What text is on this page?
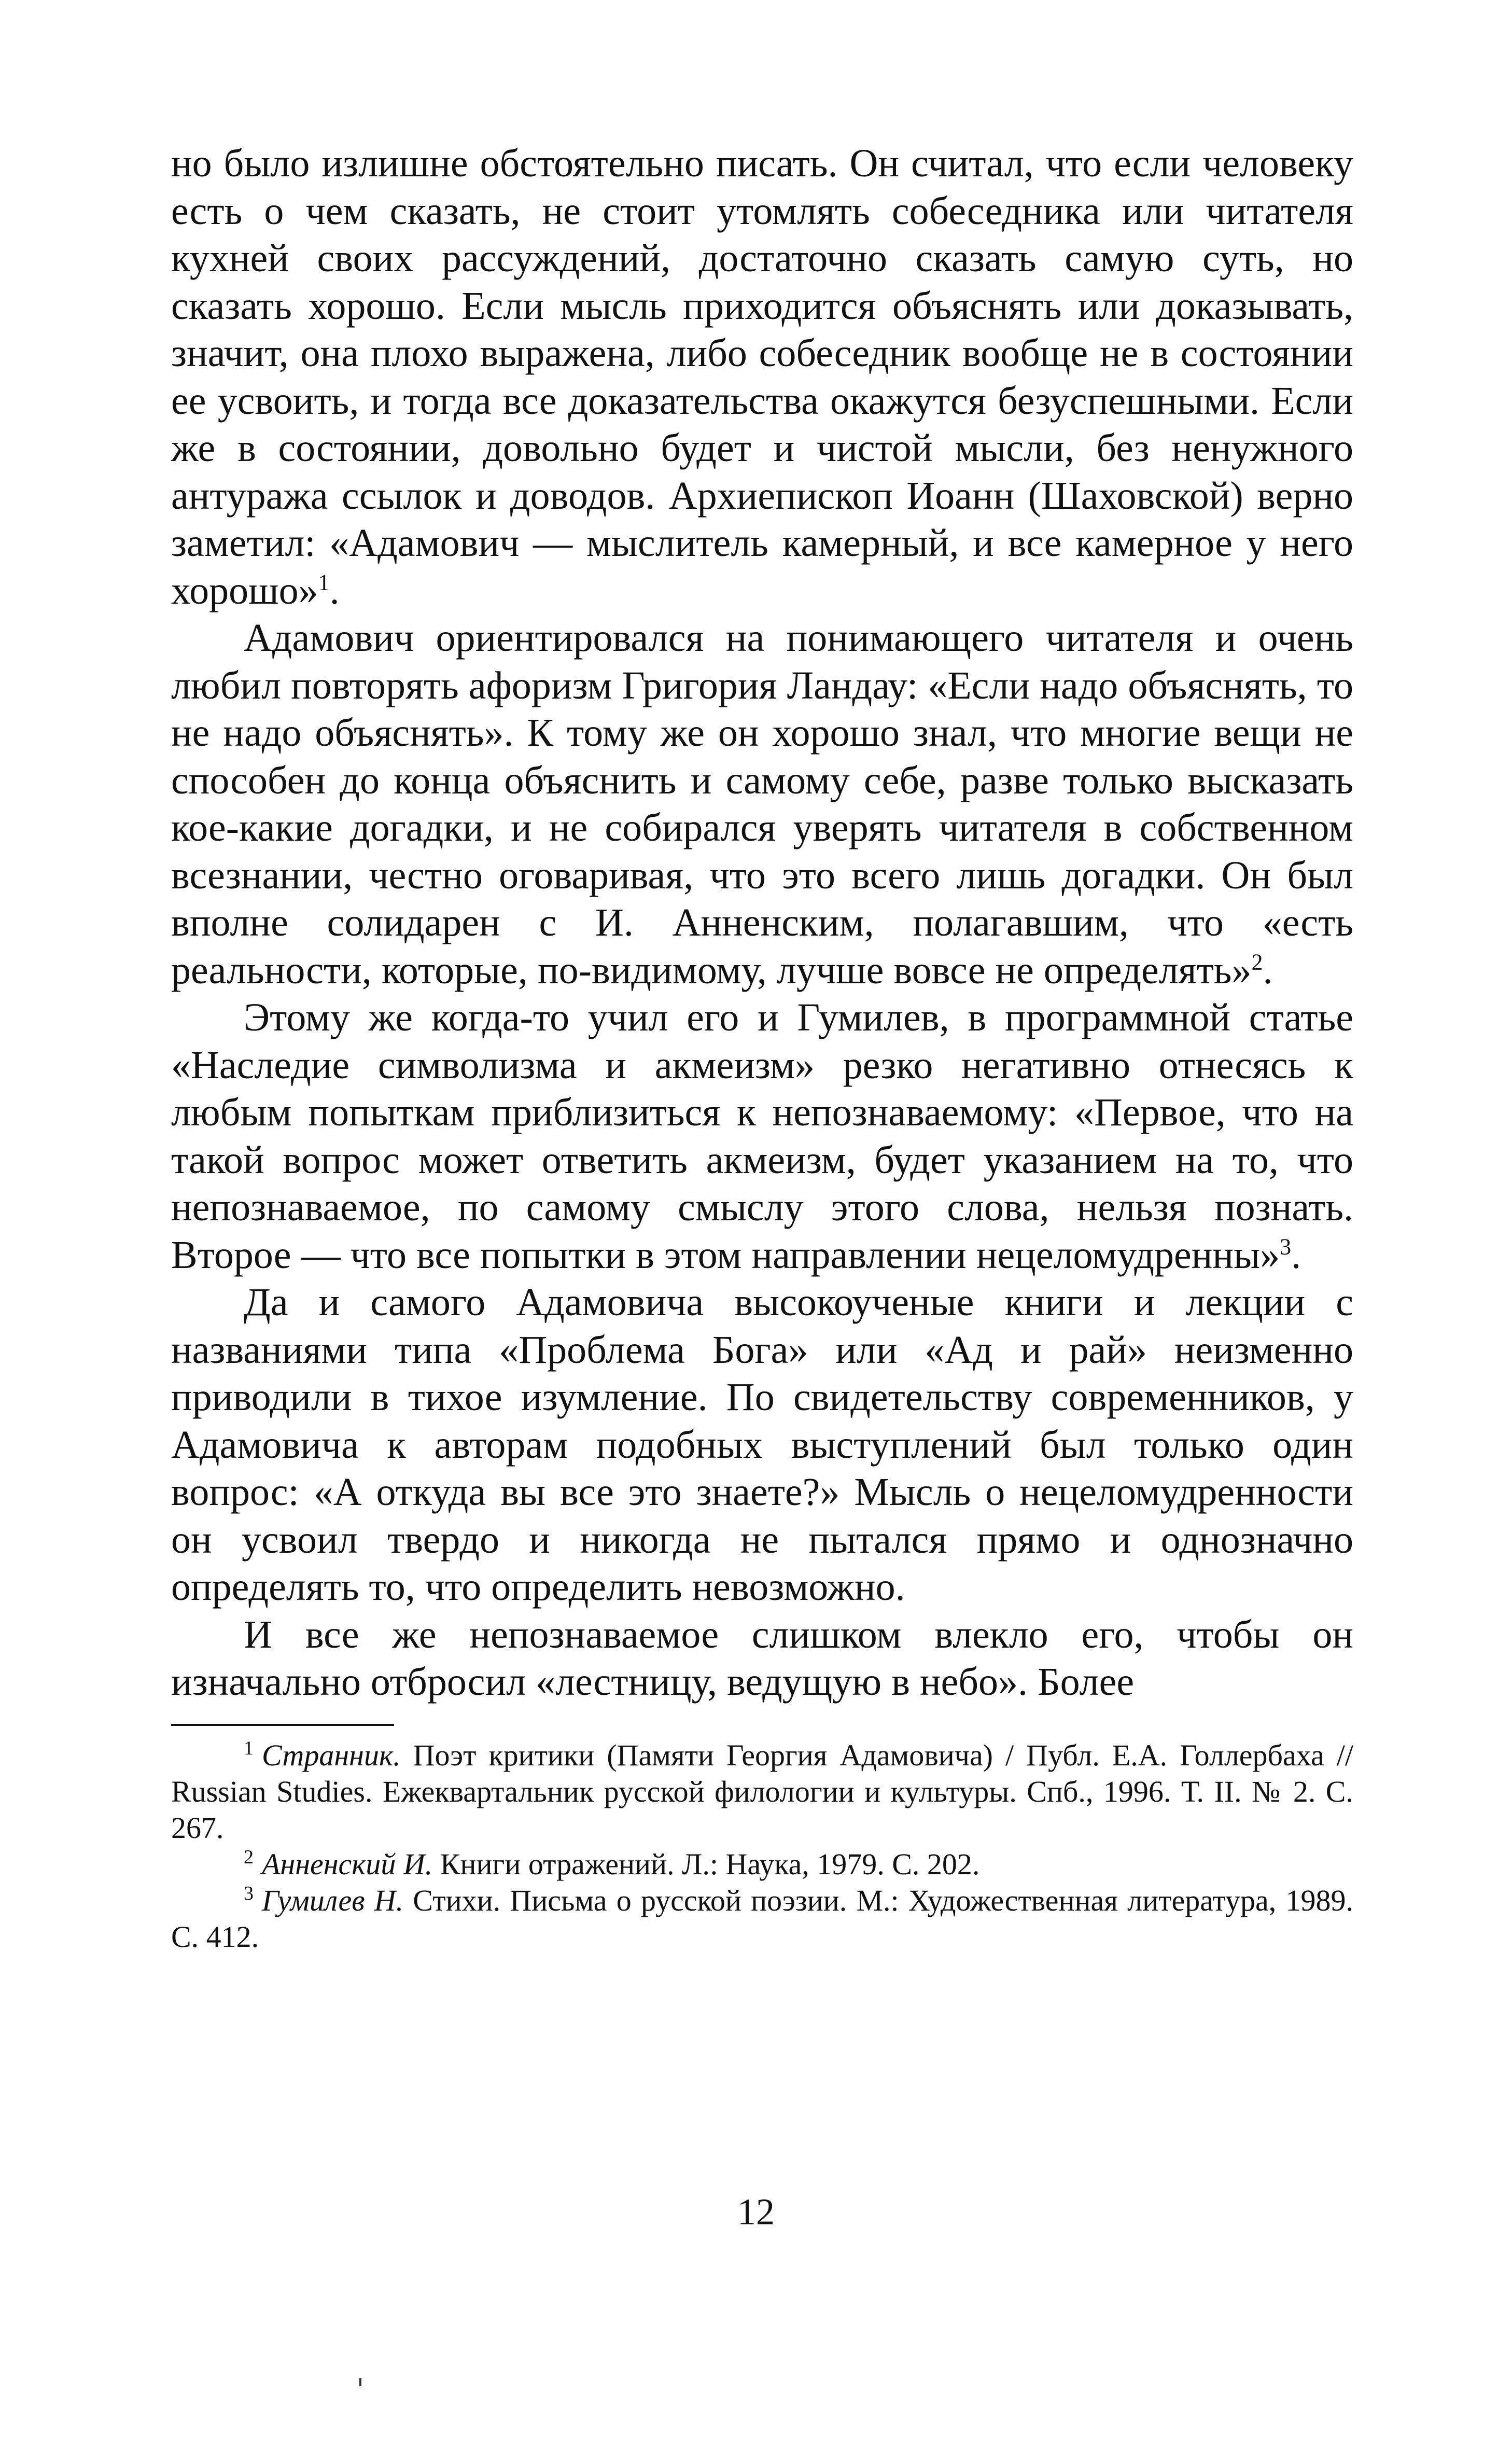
но было излишне обстоятельно писать. Он считал, что если человеку есть о чем сказать, не стоит утомлять собеседника или читателя кухней своих рассуждений, достаточно сказать самую суть, но сказать хорошо. Если мысль приходится объяснять или доказывать, значит, она плохо выражена, либо собеседник вообще не в состоянии ее усвоить, и тогда все доказательства окажутся безуспешными. Если же в состоянии, довольно будет и чистой мысли, без ненужного антуража ссылок и доводов. Архиепископ Иоанн (Шаховской) верно заметил: «Адамович — мыслитель камерный, и все камерное у него хорошо»$^1$.

Адамович ориентировался на понимающего читателя и очень любил повторять афоризм Григория Ландау: «Если надо объяснять, то не надо объяснять». К тому же он хорошо знал, что многие вещи не способен до конца объяснить и самому себе, разве только высказать кое-какие догадки, и не собирался уверять читателя в собственном всезнании, честно оговаривая, что это всего лишь догадки. Он был вполне солидарен с И. Анненским, полагавшим, что «есть реальности, которые, по-видимому, лучше вовсе не определять»$^2$.

Этому же когда-то учил его и Гумилев, в программной статье «Наследие символизма и акмеизм» резко негативно отнесясь к любым попыткам приблизиться к непознаваемому: «Первое, что на такой вопрос может ответить акмеизм, будет указанием на то, что непознаваемое, по самому смыслу этого слова, нельзя познать. Второе — что все попытки в этом направлении нецеломудренны»$^3$.

Да и самого Адамовича высокоученые книги и лекции с названиями типа «Проблема Бога» или «Ад и рай» неизменно приводили в тихое изумление. По свидетельству современников, у Адамовича к авторам подобных выступлений был только один вопрос: «А откуда вы все это знаете?» Мысль о нецеломудренности он усвоил твердо и никогда не пытался прямо и однозначно определять то, что определить невозможно.

И все же непознаваемое слишком влекло его, чтобы он изначально отбросил «лестницу, ведущую в небо». Более

$^1$ Странник. Поэт критики (Памяти Георгия Адамовича) / Публ. Е.А. Голлербаха // Russian Studies. Ежеквартальник русской филологии и культуры. Спб., 1996. Т. II. № 2. С. 267.

$^2$ Анненский И. Книги отражений. Л.: Наука, 1979. С. 202.

$^3$ Гумилев Н. Стихи. Письма о русской поэзии. М.: Художественная литература, 1989. С. 412.

12
